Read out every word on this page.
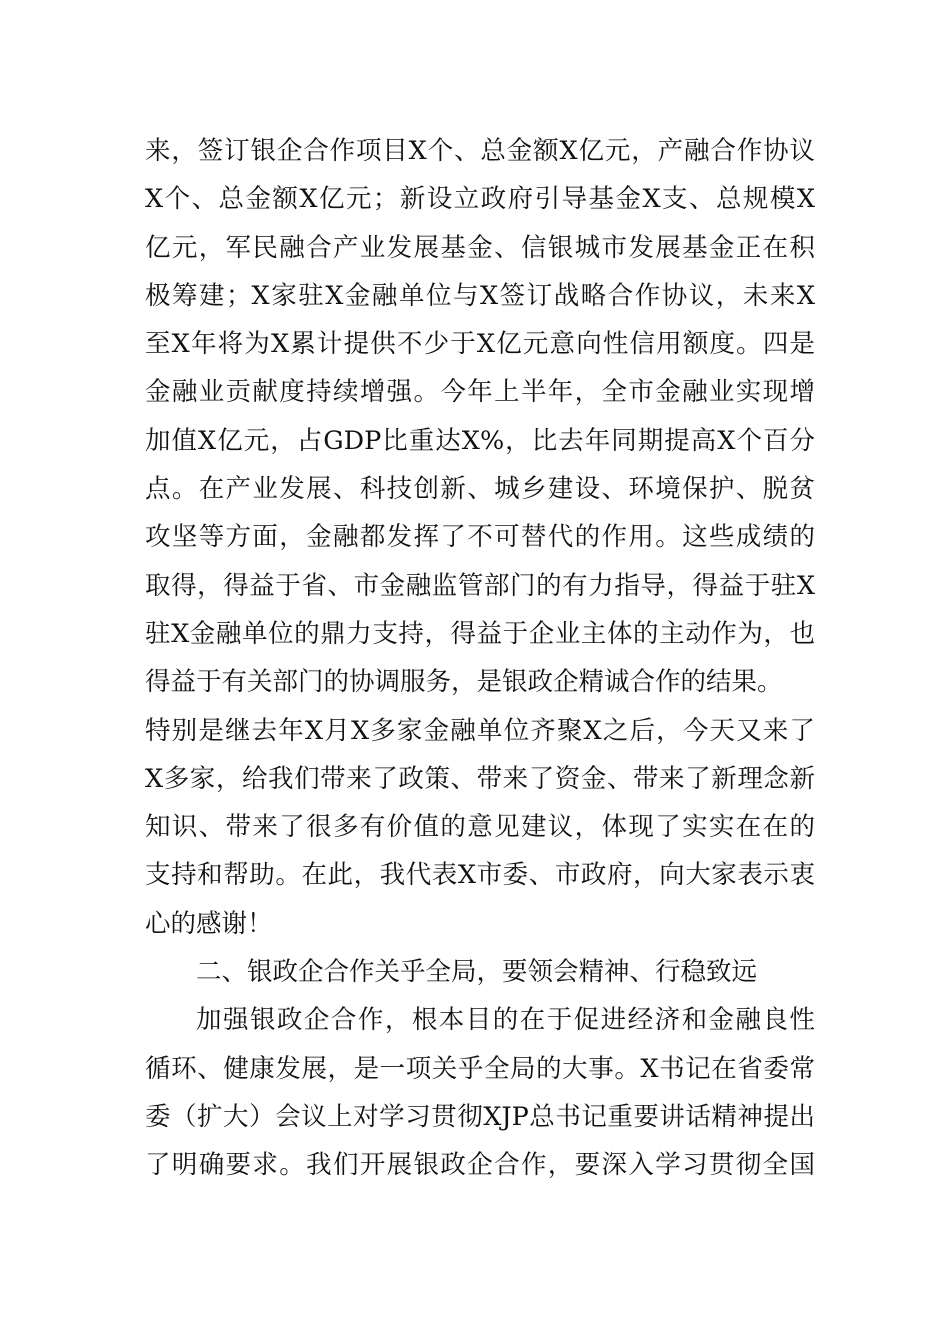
来，签订银企合作项目X个、总金额X亿元，产融合作协议
X个、总金额X亿元；新设立政府引导基金X支、总规模X
亿元，军民融合产业发展基金、信银城市发展基金正在积
极筹建；X家驻X金融单位与X签订战略合作协议，未来X
至X年将为X累计提供不少于X亿元意向性信用额度。四是
金融业贡献度持续增强。今年上半年，全市金融业实现增
加值X亿元，占GDP比重达X%，比去年同期提高X个百分
点。在产业发展、科技创新、城乡建设、环境保护、脱贫
攻坚等方面，金融都发挥了不可替代的作用。这些成绩的
取得，得益于省、市金融监管部门的有力指导，得益于驻X
驻X金融单位的鼎力支持，得益于企业主体的主动作为，也
得益于有关部门的协调服务，是银政企精诚合作的结果。
特别是继去年X月X多家金融单位齐聚X之后，今天又来了
X多家，给我们带来了政策、带来了资金、带来了新理念新
知识、带来了很多有价值的意见建议，体现了实实在在的
支持和帮助。在此，我代表X市委、市政府，向大家表示衷
心的感谢！
二、银政企合作关乎全局，要领会精神、行稳致远
加强银政企合作，根本目的在于促进经济和金融良性
循环、健康发展，是一项关乎全局的大事。X书记在省委常
委（扩大）会议上对学习贯彻XJP总书记重要讲话精神提出
了明确要求。我们开展银政企合作，要深入学习贯彻全国
